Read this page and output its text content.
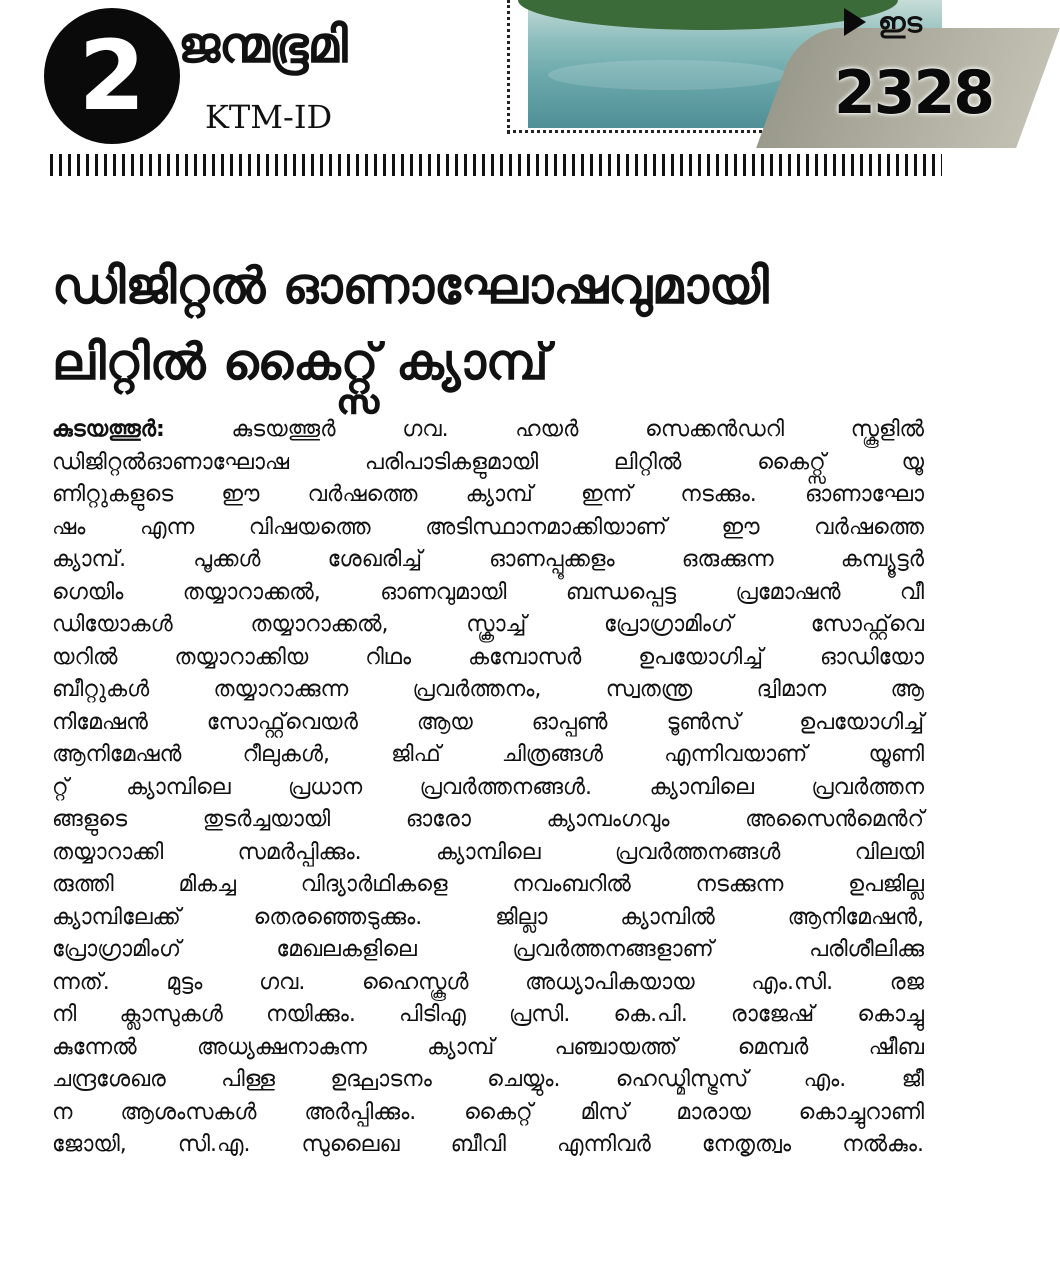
2 ജന്മഭൂമി
KTM-ID
ഇട
2328
ഡിജിറ്റൽ ഓണാഘോഷവുമായി
ലിറ്റിൽ കൈറ്റ്സ് ക്യാമ്പ്
കുടയത്തൂർ: കുടയത്തൂർ ഗവ. ഹയർ സെക്കൻഡറി സ്കൂളിൽ
ഡിജിറ്റൽഓണാഘോഷ പരിപാടികളുമായി ലിറ്റിൽ കൈറ്റ്സ് യൂ
ണിറ്റുകളുടെ ഈ വർഷത്തെ ക്യാമ്പ് ഇന്ന് നടക്കും. ഓണാഘോ
ഷം എന്ന വിഷയത്തെ അടിസ്ഥാനമാക്കിയാണ് ഈ വർഷത്തെ
ക്യാമ്പ്. പൂക്കൾ ശേഖരിച്ച് ഓണപ്പൂക്കളം ഒരുക്കുന്ന കമ്പ്യൂട്ടർ
ഗെയിം തയ്യാറാക്കൽ, ഓണവുമായി ബന്ധപ്പെട്ട പ്രമോഷൻ വീ
ഡിയോകൾ തയ്യാറാക്കൽ, സ്ക്രാച്ച് പ്രോഗ്രാമിംഗ് സോഫ്റ്റ്‌വെ
യറിൽ തയ്യാറാക്കിയ റിഥം കമ്പോസർ ഉപയോഗിച്ച് ഓഡിയോ
ബീറ്റുകൾ തയ്യാറാക്കുന്ന പ്രവർത്തനം, സ്വതന്ത്ര ദ്വിമാന ആ
നിമേഷൻ സോഫ്റ്റ്‌വെയർ ആയ ഓപ്പൺ ടൂൺസ് ഉപയോഗിച്ച്
ആനിമേഷൻ റീലുകൾ, ജിഫ് ചിത്രങ്ങൾ എന്നിവയാണ് യൂണി
റ്റ് ക്യാമ്പിലെ പ്രധാന പ്രവർത്തനങ്ങൾ. ക്യാമ്പിലെ പ്രവർത്തന
ങ്ങളുടെ തുടർച്ചയായി ഓരോ ക്യാമ്പംഗവും അസൈൻമെൻറ്
തയ്യാറാക്കി സമർപ്പിക്കും. ക്യാമ്പിലെ പ്രവർത്തനങ്ങൾ വിലയി
രുത്തി മികച്ച വിദ്യാർഥികളെ നവംബറിൽ നടക്കുന്ന ഉപജില്ല
ക്യാമ്പിലേക്ക് തെരഞ്ഞെടുക്കും. ജില്ലാ ക്യാമ്പിൽ ആനിമേഷൻ,
പ്രോഗ്രാമിംഗ് മേഖലകളിലെ പ്രവർത്തനങ്ങളാണ് പരിശീലിക്കു
ന്നത്. മുട്ടം ഗവ. ഹൈസ്കൂൾ അധ്യാപികയായ എം.സി. രജ
നി ക്ലാസുകൾ നയിക്കും. പിടിഎ പ്രസി. കെ.പി. രാജേഷ് കൊച്ചു
കുന്നേൽ അധ്യക്ഷനാകുന്ന ക്യാമ്പ് പഞ്ചായത്ത് മെമ്പർ ഷീബ
ചന്ദ്രശേഖര പിള്ള ഉദ്ഘാടനം ചെയ്യും. ഹെഡ്മിസ്ട്രസ് എം. ജീ
ന ആശംസകൾ അർപ്പിക്കും. കൈറ്റ് മിസ് മാരായ കൊച്ചുറാണി
ജോയി, സി.എ. സുലൈഖ ബീവി എന്നിവർ നേതൃത്വം നൽകും.
